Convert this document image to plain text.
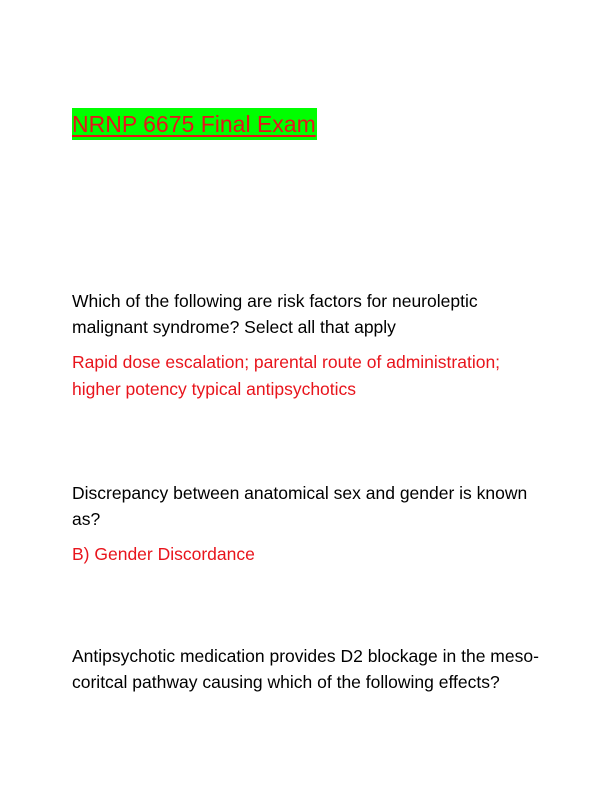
NRNP 6675 Final Exam

Which of the following are risk factors for neuroleptic malignant syndrome? Select all that apply

Rapid dose escalation; parental route of administration; higher potency typical antipsychotics

Discrepancy between anatomical sex and gender is known as?

B) Gender Discordance

Antipsychotic medication provides D2 blockage in the meso-coritcal pathway causing which of the following effects?
